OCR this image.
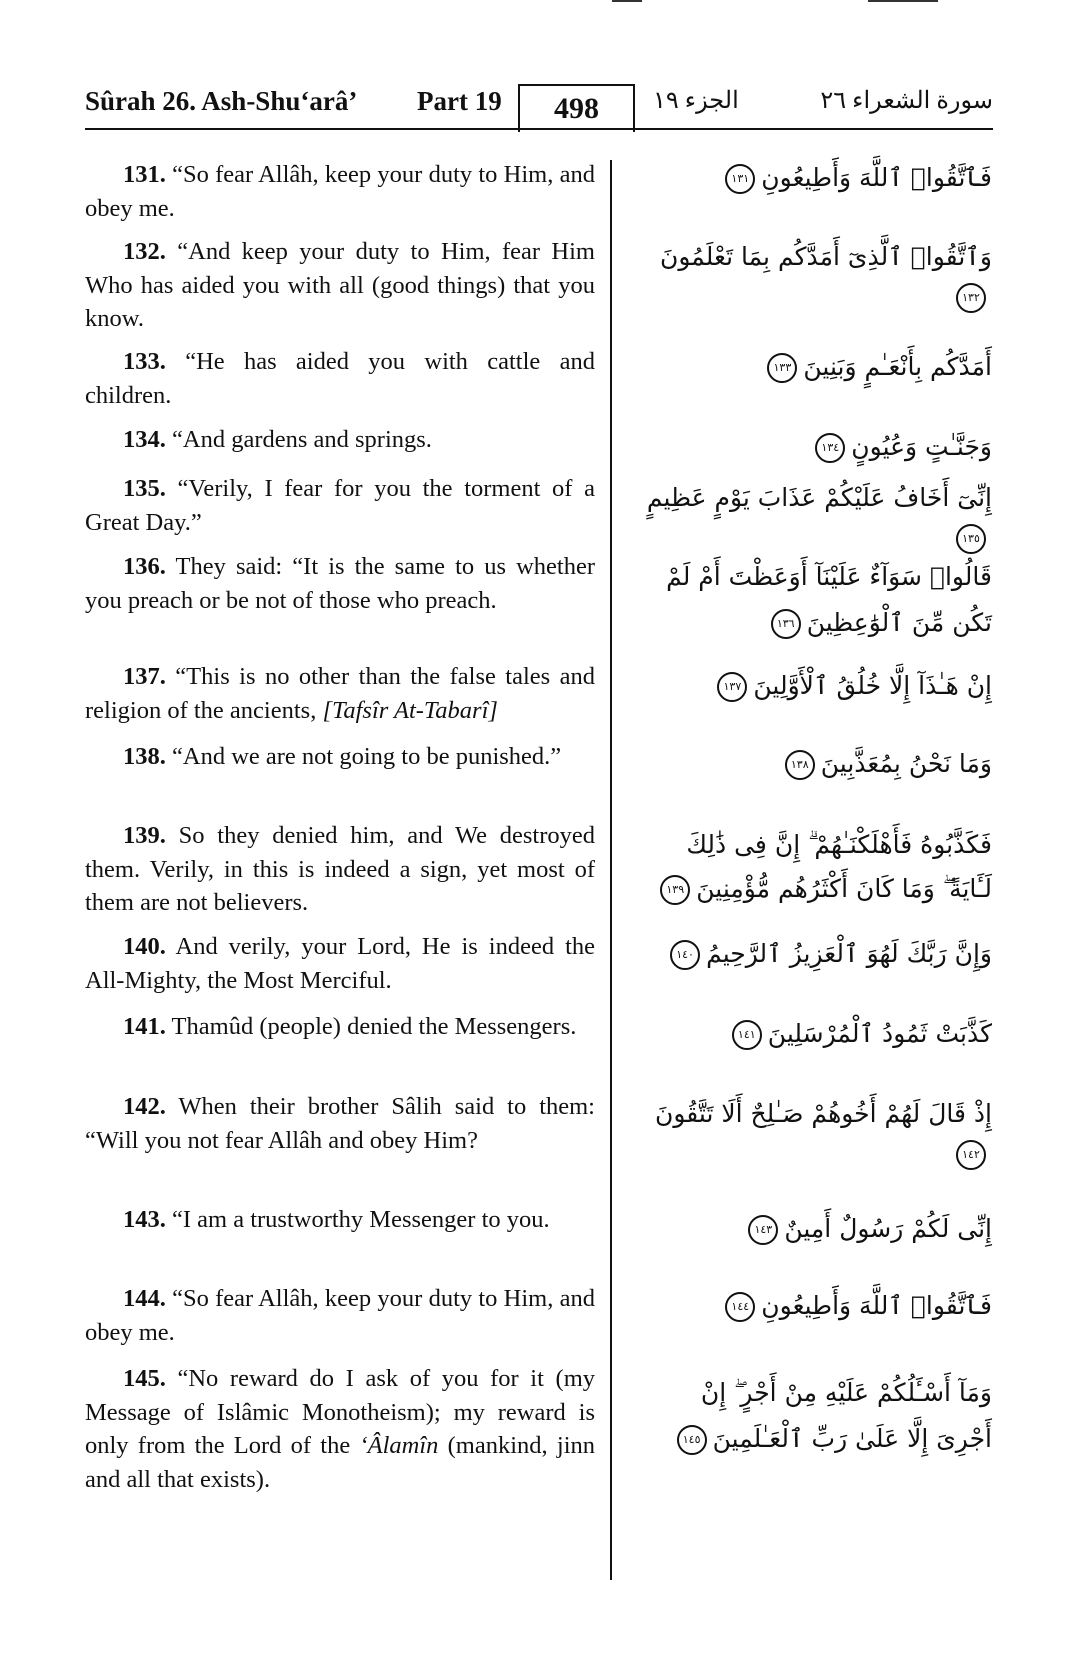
Sûrah 26. Ash-Shu‘arâ’ Part 19	498	الجزء ١٩	سورة الشعراء ٢٦

131. “So fear Allâh, keep your duty to Him, and obey me.

فَٱتَّقُوا۟ ٱللَّهَ وَأَطِيعُونِ١٣١

132. “And keep your duty to Him, fear Him Who has aided you with all (good things) that you know.

وَٱتَّقُوا۟ ٱلَّذِىٓ أَمَدَّكُم بِمَا تَعْلَمُونَ١٣٢

133. “He has aided you with cattle and children.

أَمَدَّكُم بِأَنْعَـٰمٍ وَبَنِينَ١٣٣

134. “And gardens and springs.	وَجَنَّـٰتٍ وَعُيُونٍ١٣٤

135. “Verily, I fear for you the torment of a Great Day.”

إِنِّىٓ أَخَافُ عَلَيْكُمْ عَذَابَ يَوْمٍ عَظِيمٍ١٣٥

136. They said: “It is the same to us whether you preach or be not of those who preach.

قَالُوا۟ سَوَآءٌ عَلَيْنَآ أَوَعَظْتَ أَمْ لَمْ تَكُن مِّنَ ٱلْوَٰعِظِينَ١٣٦

137. “This is no other than the false tales and religion of the ancients, [Tafsîr At-Tabarî]

إِنْ هَـٰذَآ إِلَّا خُلُقُ ٱلْأَوَّلِينَ١٣٧

138. “And we are not going to be punished.”	وَمَا نَحْنُ بِمُعَذَّبِينَ١٣٨

139. So they denied him, and We destroyed them. Verily, in this is indeed a sign, yet most of them are not believers.

فَكَذَّبُوهُ فَأَهْلَكْنَـٰهُمْ ۗ إِنَّ فِى ذَٰلِكَ لَـَٔايَةً ۖ وَمَا كَانَ أَكْثَرُهُم مُّؤْمِنِينَ١٣٩

140. And verily, your Lord, He is indeed the All-Mighty, the Most Merciful.

وَإِنَّ رَبَّكَ لَهُوَ ٱلْعَزِيزُ ٱلرَّحِيمُ١٤٠

141. Thamûd (people) denied the Messengers.	كَذَّبَتْ ثَمُودُ ٱلْمُرْسَلِينَ١٤١

142. When their brother Sâlih said to them: “Will you not fear Allâh and obey Him?

إِذْ قَالَ لَهُمْ أَخُوهُمْ صَـٰلِحٌ أَلَا تَتَّقُونَ١٤٢

143. “I am a trustworthy Messenger to you.	إِنِّى لَكُمْ رَسُولٌ أَمِينٌ١٤٣

144. “So fear Allâh, keep your duty to Him, and obey me.

فَٱتَّقُوا۟ ٱللَّهَ وَأَطِيعُونِ١٤٤

145. “No reward do I ask of you for it (my Message of Islâmic Monotheism); my reward is only from the Lord of the ‘Âlamîn (mankind, jinn and all that exists).

وَمَآ أَسْـَٔلُكُمْ عَلَيْهِ مِنْ أَجْرٍ ۖ إِنْ أَجْرِىَ إِلَّا عَلَىٰ رَبِّ ٱلْعَـٰلَمِينَ١٤٥
